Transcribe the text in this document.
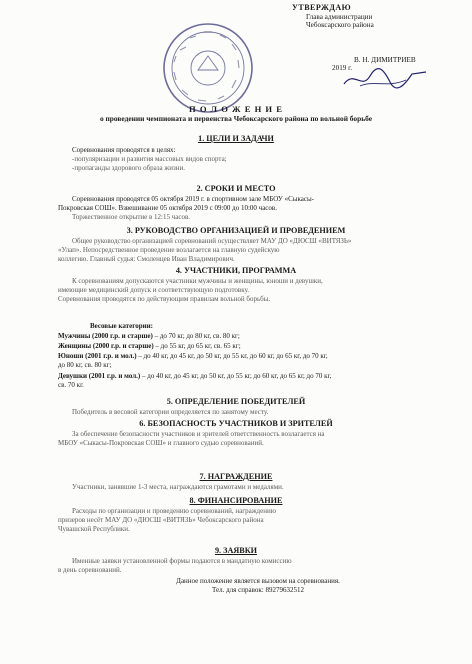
УТВЕРЖДАЮ
Глава администрации
Чебоксарского района
В. Н. ДИМИТРИЕВ
2019 г.
П О Л О Ж Е Н И Е
о проведении чемпионата и первенства Чебоксарского района по вольной борьбе
1. ЦЕЛИ И ЗАДАЧИ
Соревнования проводятся в целях:
-популяризации и развития массовых видов спорта;
-пропаганды здорового образа жизни.
2. СРОКИ И МЕСТО
Соревнования проводятся 05 октября 2019 г. в спортивном зале МБОУ «Сыкасы-
Покровская СОШ». Взвешивание 05 октября 2019 с 09:00 до 10:00 часов.
Торжественное открытие в 12:15 часов.
3. РУКОВОДСТВО ОРГАНИЗАЦИЕЙ И ПРОВЕДЕНИЕМ
Общее руководство организацией соревнований осуществляет МАУ ДО «ДЮСШ «ВИТЯЗЬ»
«Улап». Непосредственное проведение возлагается на главную судейскую
коллегию. Главный судья: Смоленцев Иван Владимирович.
4. УЧАСТНИКИ, ПРОГРАММА
К соревнованиям допускаются участники мужчины и женщины, юноши и девушки,
имеющие медицинский допуск и соответствующую подготовку.
Соревнования проводятся по действующим правилам вольной борьбы.
Весовые категории:
Мужчины (2000 г.р. и старше) – до 70 кг, до 80 кг, св. 80 кг;
Женщины (2000 г.р. и старше) – до 55 кг, до 65 кг, св. 65 кг;
Юноши (2001 г.р. и мол.) – до 40 кг, до 45 кг, до 50 кг, до 55 кг, до 60 кг, до 65 кг, до 70 кг,
до 80 кг, св. 80 кг;
Девушки (2001 г.р. и мол.) – до 40 кг, до 45 кг, до 50 кг, до 55 кг, до 60 кг, до 65 кг, до 70 кг,
св. 70 кг.
5. ОПРЕДЕЛЕНИЕ ПОБЕДИТЕЛЕЙ
Победитель в весовой категории определяется по занятому месту.
6. БЕЗОПАСНОСТЬ УЧАСТНИКОВ И ЗРИТЕЛЕЙ
За обеспечение безопасности участников и зрителей ответственность возлагается на
МБОУ «Сыкасы-Покровская СОШ» и главного судью соревнований.
7. НАГРАЖДЕНИЕ
Участники, занявшие 1-3 места, награждаются грамотами и медалями.
8. ФИНАНСИРОВАНИЕ
Расходы по организации и проведению соревнований, награждению
призеров несёт МАУ ДО «ДЮСШ «ВИТЯЗЬ» Чебоксарского района
Чувашской Республики.
9. ЗАЯВКИ
Именные заявки установленной формы подаются в мандатную комиссию
в день соревнований.
Данное положение является вызовом на соревнования.
Тел. для справок: 89279632512
